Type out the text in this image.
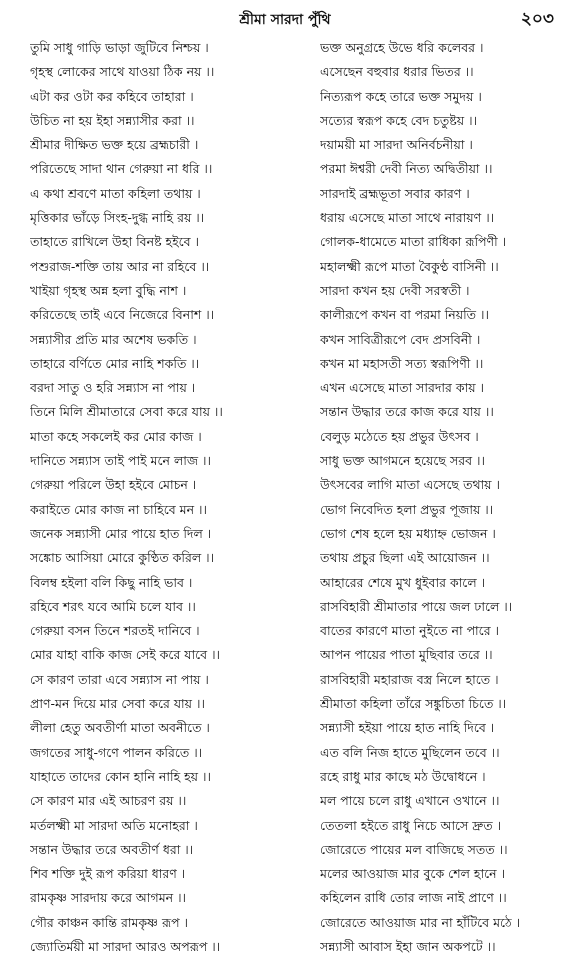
শ্রীমা সারদা পুঁথি	২০৩
তুমি সাধু গাড়ি ভাড়া জুটিবে নিশ্চয় ।
গৃহস্থ লোকের সাথে যাওয়া ঠিক নয় ।।
এটা কর ওটা কর কহিবে তাহারা ।
উচিত না হয় ইহা সন্ন্যাসীর করা ।।
শ্রীমার দীক্ষিত ভক্ত হয়ে ব্রহ্মচারী ।
পরিতেছে সাদা থান গেরুয়া না ধরি ।।
এ কথা শ্রবণে মাতা কহিলা তথায় ।
মৃত্তিকার ভাঁড়ে সিংহ-দুগ্ধ নাহি রয় ।।
তাহাতে রাখিলে উহা বিনষ্ট হইবে ।
পশুরাজ-শক্তি তায় আর না রহিবে ।।
খাইয়া গৃহস্থ অন্ন হলা বুদ্ধি নাশ ।
করিতেছে তাই এবে নিজেরে বিনাশ ।।
সন্ন্যাসীর প্রতি মার অশেষ ভকতি ।
তাহারে বর্ণিতে মোর নাহি শকতি ।।
বরদা সাতু ও হরি সন্ন্যাস না পায় ।
তিনে মিলি শ্রীমাতারে সেবা করে যায় ।।
মাতা কহে সকলেই কর মোর কাজ ।
দানিতে সন্ন্যাস তাই পাই মনে লাজ ।।
গেরুয়া পরিলে উহা হইবে মোচন ।
করাইতে মোর কাজ না চাহিবে মন ।।
জনেক সন্ন্যাসী মোর পায়ে হাত দিল ।
সঙ্কোচ আসিয়া মোরে কুণ্ঠিত করিল ।।
বিলম্ব হইলা বলি কিছু নাহি ভাব ।
রহিবে শরৎ যবে আমি চলে যাব ।।
গেরুয়া বসন তিনে শরতই দানিবে ।
মোর যাহা বাকি কাজ সেই করে যাবে ।।
সে কারণ তারা এবে সন্ন্যাস না পায় ।
প্রাণ-মন দিয়ে মার সেবা করে যায় ।।
লীলা হেতু অবতীর্ণা মাতা অবনীতে ।
জগতের সাধু-গণে পালন করিতে ।।
যাহাতে তাদের কোন হানি নাহি হয় ।।
সে কারণ মার এই আচরণ রয় ।।
মর্তলক্ষ্মী মা সারদা অতি মনোহরা ।
সন্তান উদ্ধার তরে অবতীর্ণ ধরা ।।
শিব শক্তি দুই রূপ করিয়া ধারণ ।
রামকৃষ্ণ সারদায় করে আগমন ।।
গৌর কাঞ্চন কান্তি রামকৃষ্ণ রূপ ।
জ্যোতির্ময়ী মা সারদা আরও অপরূপ ।।
ভক্ত অনুগ্রহে উভে ধরি কলেবর ।
এসেছেন বহুবার ধরার ভিতর ।।
নিত্যরূপ কহে তারে ভক্ত সমুদয় ।
সত্যের স্বরূপ কহে বেদ চতুষ্টয় ।।
দয়াময়ী মা সারদা অনির্বচনীয়া ।
পরমা ঈশ্বরী দেবী নিত্য অদ্বিতীয়া ।।
সারদাই ব্রহ্মভূতা সবার কারণ ।
ধরায় এসেছে মাতা সাথে নারায়ণ ।।
গোলক-ধামেতে মাতা রাধিকা রূপিণী ।
মহালক্ষ্মী রূপে মাতা বৈকুণ্ঠ বাসিনী ।।
সারদা কখন হয় দেবী সরস্বতী ।
কালীরূপে কখন বা পরমা নিয়তি ।।
কখন সাবিত্রীরূপে বেদ প্রসবিনী ।
কখন মা মহাসতী সত্য স্বরূপিণী ।।
এখন এসেছে মাতা সারদার কায় ।
সন্তান উদ্ধার তরে কাজ করে যায় ।।
বেলুড় মঠেতে হয় প্রভুর উৎসব ।
সাধু ভক্ত আগমনে হয়েছে সরব ।।
উৎসবের লাগি মাতা এসেছে তথায় ।
ভোগ নিবেদিত হলা প্রভুর পূজায় ।।
ভোগ শেষ হলে হয় মধ্যাহ্ন ভোজন ।
তথায় প্রচুর ছিলা এই আয়োজন ।।
আহারের শেষে মুখ ধুইবার কালে ।
রাসবিহারী শ্রীমাতার পায়ে জল ঢালে ।।
বাতের কারণে মাতা নুইতে না পারে ।
আপন পায়ের পাতা মুছিবার তরে ।।
রাসবিহারী মহারাজ বস্ত্র নিলে হাতে ।
শ্রীমাতা কহিলা তাঁরে সঙ্কুচিতা চিতে ।।
সন্ন্যাসী হইয়া পায়ে হাত নাহি দিবে ।
এত বলি নিজ হাতে মুছিলেন তবে ।।
রহে রাধু মার কাছে মঠ উদ্বোধনে ।
মল পায়ে চলে রাধু এখানে ওখানে ।।
তেতলা হইতে রাধু নিচে আসে দ্রুত ।
জোরেতে পায়ের মল বাজিছে সতত ।।
মলের আওয়াজ মার বুকে শেল হানে ।
কহিলেন রাধি তোর লাজ নাই প্রাণে ।।
জোরেতে আওয়াজ মার না হাঁটিবে মঠে ।
সন্ন্যাসী আবাস ইহা জান অকপটে ।।
